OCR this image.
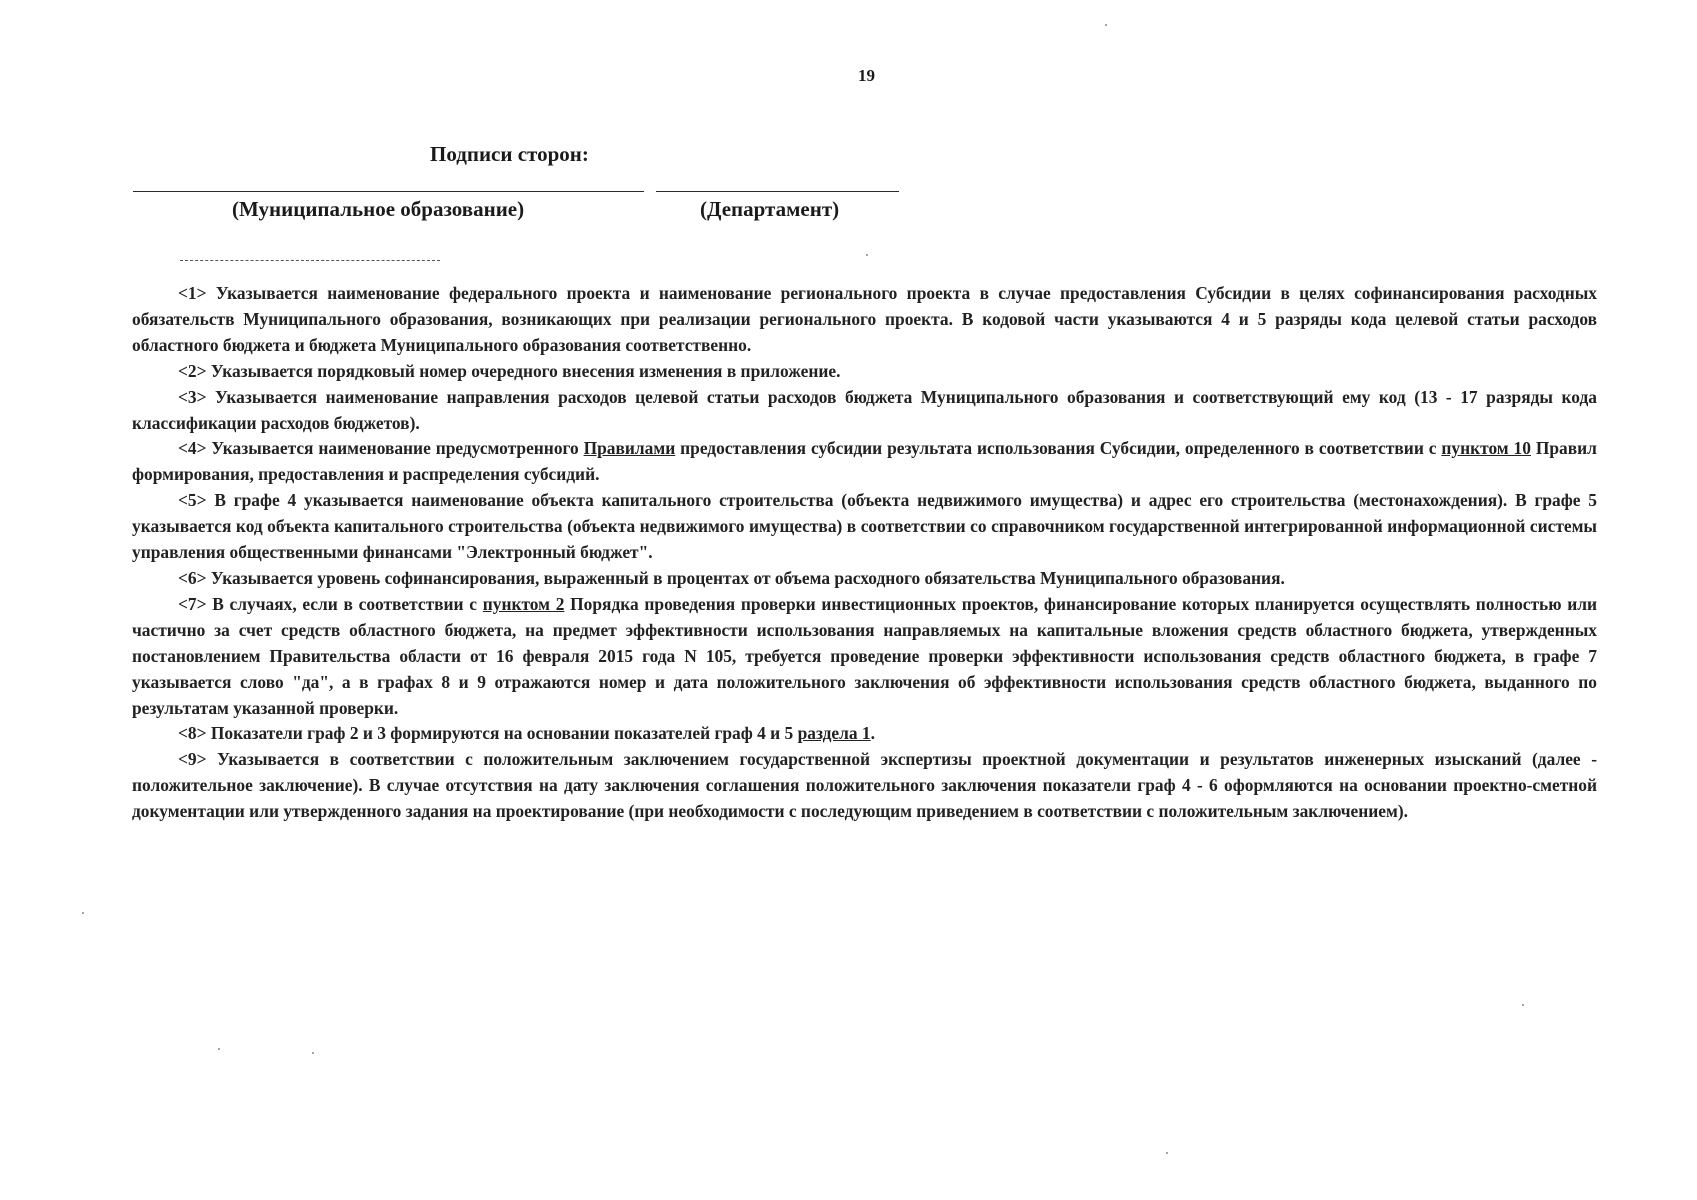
19
Подписи сторон:
(Муниципальное образование)	(Департамент)

<1> Указывается наименование федерального проекта и наименование регионального проекта в случае предоставления Субсидии в целях софинансирования расходных обязательств Муниципального образования, возникающих при реализации регионального проекта. В кодовой части указываются 4 и 5 разряды кода целевой статьи расходов областного бюджета и бюджета Муниципального образования соответственно.

<2> Указывается порядковый номер очередного внесения изменения в приложение.

<3> Указывается наименование направления расходов целевой статьи расходов бюджета Муниципального образования и соответствующий ему код (13 - 17 разряды кода классификации расходов бюджетов).

<4> Указывается наименование предусмотренного Правилами предоставления субсидии результата использования Субсидии, определенного в соответствии с пунктом 10 Правил формирования, предоставления и распределения субсидий.

<5> В графе 4 указывается наименование объекта капитального строительства (объекта недвижимого имущества) и адрес его строительства (местонахождения). В графе 5 указывается код объекта капитального строительства (объекта недвижимого имущества) в соответствии со справочником государственной интегрированной информационной системы управления общественными финансами "Электронный бюджет".

<6> Указывается уровень софинансирования, выраженный в процентах от объема расходного обязательства Муниципального образования.

<7> В случаях, если в соответствии с пунктом 2 Порядка проведения проверки инвестиционных проектов, финансирование которых планируется осуществлять полностью или частично за счет средств областного бюджета, на предмет эффективности использования направляемых на капитальные вложения средств областного бюджета, утвержденных постановлением Правительства области от 16 февраля 2015 года N 105, требуется проведение проверки эффективности использования средств областного бюджета, в графе 7 указывается слово "да", а в графах 8 и 9 отражаются номер и дата положительного заключения об эффективности использования средств областного бюджета, выданного по результатам указанной проверки.

<8> Показатели граф 2 и 3 формируются на основании показателей граф 4 и 5 раздела 1.

<9> Указывается в соответствии с положительным заключением государственной экспертизы проектной документации и результатов инженерных изысканий (далее - положительное заключение). В случае отсутствия на дату заключения соглашения положительного заключения показатели граф 4 - 6 оформляются на основании проектно-сметной документации или утвержденного задания на проектирование (при необходимости с последующим приведением в соответствии с положительным заключением).
